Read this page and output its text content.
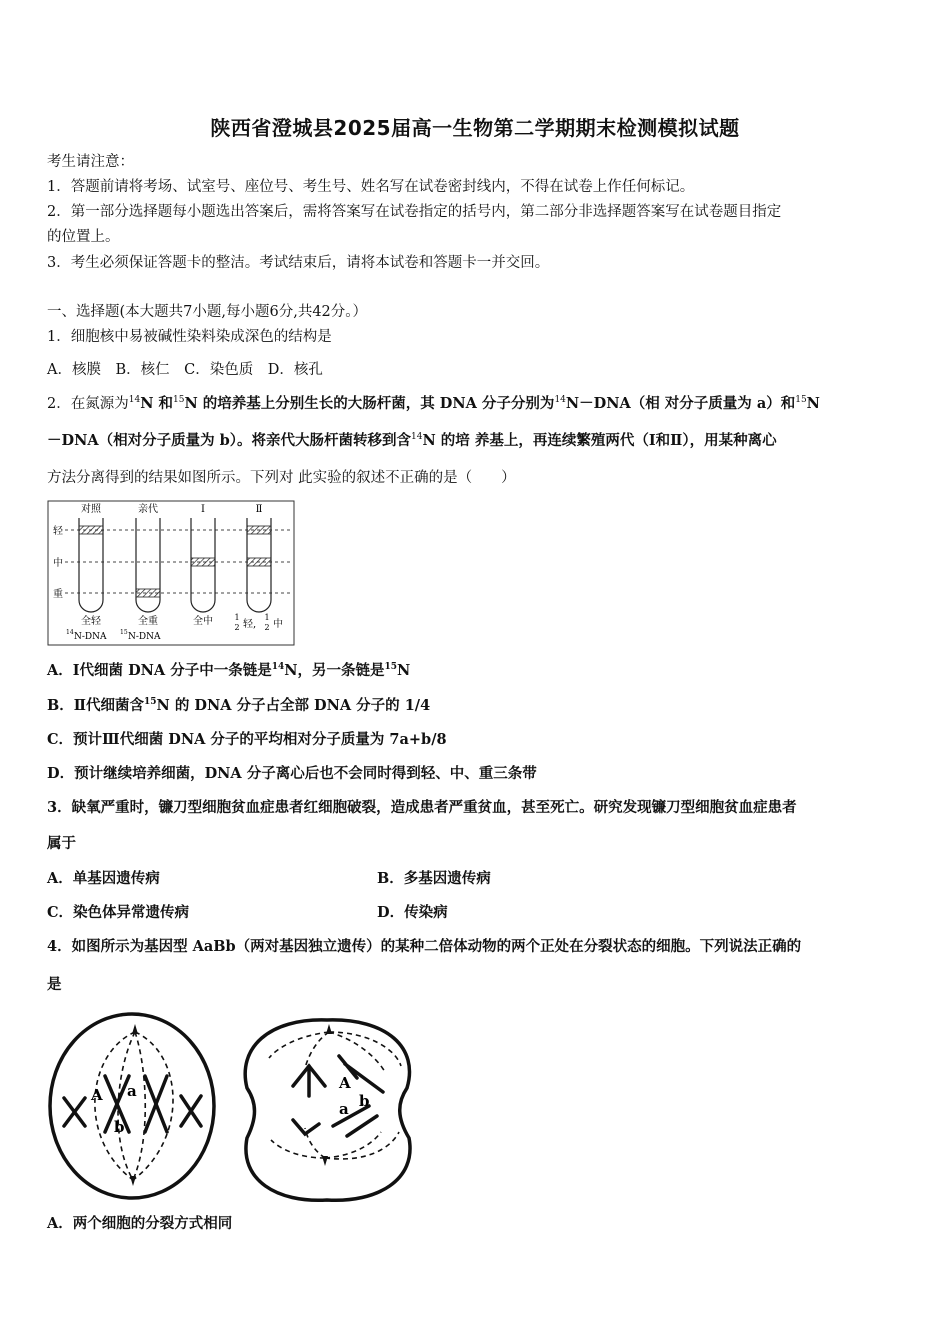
陕西省澄城县2025届高一生物第二学期期末检测模拟试题
考生请注意：
1．答题前请将考场、试室号、座位号、考生号、姓名写在试卷密封线内，不得在试卷上作任何标记。
2．第一部分选择题每小题选出答案后，需将答案写在试卷指定的括号内，第二部分非选择题答案写在试卷题目指定
的位置上。
3．考生必须保证答题卡的整洁。考试结束后，请将本试卷和答题卡一并交回。
一、选择题(本大题共7小题,每小题6分,共42分。）
1．细胞核中易被碱性染料染成深色的结构是
A．核膜　B．核仁　C．染色质　D．核孔
2．在氮源为$^{14}$N 和$^{15}$N 的培养基上分别生长的大肠杆菌，其 DNA 分子分别为$^{14}$N－DNA（相 对分子质量为 a）和$^{15}$N
－DNA（相对分子质量为 b）。将亲代大肠杆菌转移到含$^{14}$N 的培 养基上，再连续繁殖两代（Ⅰ和Ⅱ），用某种离心
方法分离得到的结果如图所示。下列对 此实验的叙述不正确的是（　　）
对照	亲代	Ⅰ	Ⅱ
轻
中
重
全轻	全重	全中	1
2 轻,
1
2 中
14 N-DNA 15 N-DNA
A．Ⅰ代细菌 DNA 分子中一条链是$^{14}$N，另一条链是$^{15}$N
B．Ⅱ代细菌含$^{15}$N 的 DNA 分子占全部 DNA 分子的 1/4
C．预计Ⅲ代细菌 DNA 分子的平均相对分子质量为 7a+b/8
D．预计继续培养细菌，DNA 分子离心后也不会同时得到轻、中、重三条带
3．缺氧严重时，镰刀型细胞贫血症患者红细胞破裂，造成患者严重贫血，甚至死亡。研究发现镰刀型细胞贫血症患者
属于
A．单基因遗传病	B．多基因遗传病
C．染色体异常遗传病	D．传染病
4．如图所示为基因型 AaBb（两对基因独立遗传）的某种二倍体动物的两个正处在分裂状态的细胞。下列说法正确的
是
A a
b
A
a b
A．两个细胞的分裂方式相同
